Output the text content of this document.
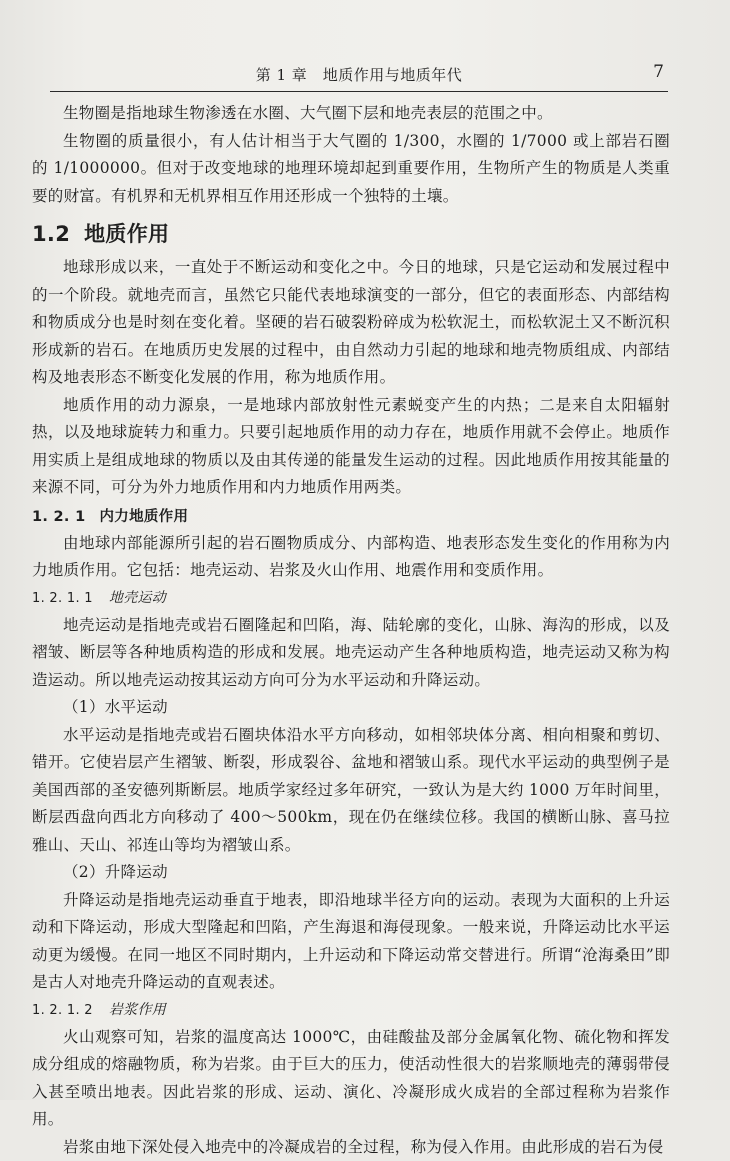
第 1 章　地质作用与地质年代	7

生物圈是指地球生物渗透在水圈、大气圈下层和地壳表层的范围之中。

生物圈的质量很小，有人估计相当于大气圈的 1/300，水圈的 1/7000 或上部岩石圈的 1/1000000。但对于改变地球的地理环境却起到重要作用，生物所产生的物质是人类重要的财富。有机界和无机界相互作用还形成一个独特的土壤。

1.2 地质作用

地球形成以来，一直处于不断运动和变化之中。今日的地球，只是它运动和发展过程中的一个阶段。就地壳而言，虽然它只能代表地球演变的一部分，但它的表面形态、内部结构和物质成分也是时刻在变化着。坚硬的岩石破裂粉碎成为松软泥土，而松软泥土又不断沉积形成新的岩石。在地质历史发展的过程中，由自然动力引起的地球和地壳物质组成、内部结构及地表形态不断变化发展的作用，称为地质作用。

地质作用的动力源泉，一是地球内部放射性元素蜕变产生的内热；二是来自太阳辐射热，以及地球旋转力和重力。只要引起地质作用的动力存在，地质作用就不会停止。地质作用实质上是组成地球的物质以及由其传递的能量发生运动的过程。因此地质作用按其能量的来源不同，可分为外力地质作用和内力地质作用两类。

1. 2. 1 内力地质作用

由地球内部能源所引起的岩石圈物质成分、内部构造、地表形态发生变化的作用称为内力地质作用。它包括：地壳运动、岩浆及火山作用、地震作用和变质作用。

1. 2. 1. 1 地壳运动

地壳运动是指地壳或岩石圈隆起和凹陷，海、陆轮廓的变化，山脉、海沟的形成，以及褶皱、断层等各种地质构造的形成和发展。地壳运动产生各种地质构造，地壳运动又称为构造运动。所以地壳运动按其运动方向可分为水平运动和升降运动。

（1）水平运动

水平运动是指地壳或岩石圈块体沿水平方向移动，如相邻块体分离、相向相聚和剪切、错开。它使岩层产生褶皱、断裂，形成裂谷、盆地和褶皱山系。现代水平运动的典型例子是美国西部的圣安德列斯断层。地质学家经过多年研究，一致认为是大约 1000 万年时间里，断层西盘向西北方向移动了 400～500km，现在仍在继续位移。我国的横断山脉、喜马拉雅山、天山、祁连山等均为褶皱山系。

（2）升降运动

升降运动是指地壳运动垂直于地表，即沿地球半径方向的运动。表现为大面积的上升运动和下降运动，形成大型隆起和凹陷，产生海退和海侵现象。一般来说，升降运动比水平运动更为缓慢。在同一地区不同时期内，上升运动和下降运动常交替进行。所谓“沧海桑田”即是古人对地壳升降运动的直观表述。

1. 2. 1. 2 岩浆作用

火山观察可知，岩浆的温度高达 1000℃，由硅酸盐及部分金属氧化物、硫化物和挥发成分组成的熔融物质，称为岩浆。由于巨大的压力，使活动性很大的岩浆顺地壳的薄弱带侵入甚至喷出地表。因此岩浆的形成、运动、演化、冷凝形成火成岩的全部过程称为岩浆作用。

岩浆由地下深处侵入地壳中的冷凝成岩的全过程，称为侵入作用。由此形成的岩石为侵
